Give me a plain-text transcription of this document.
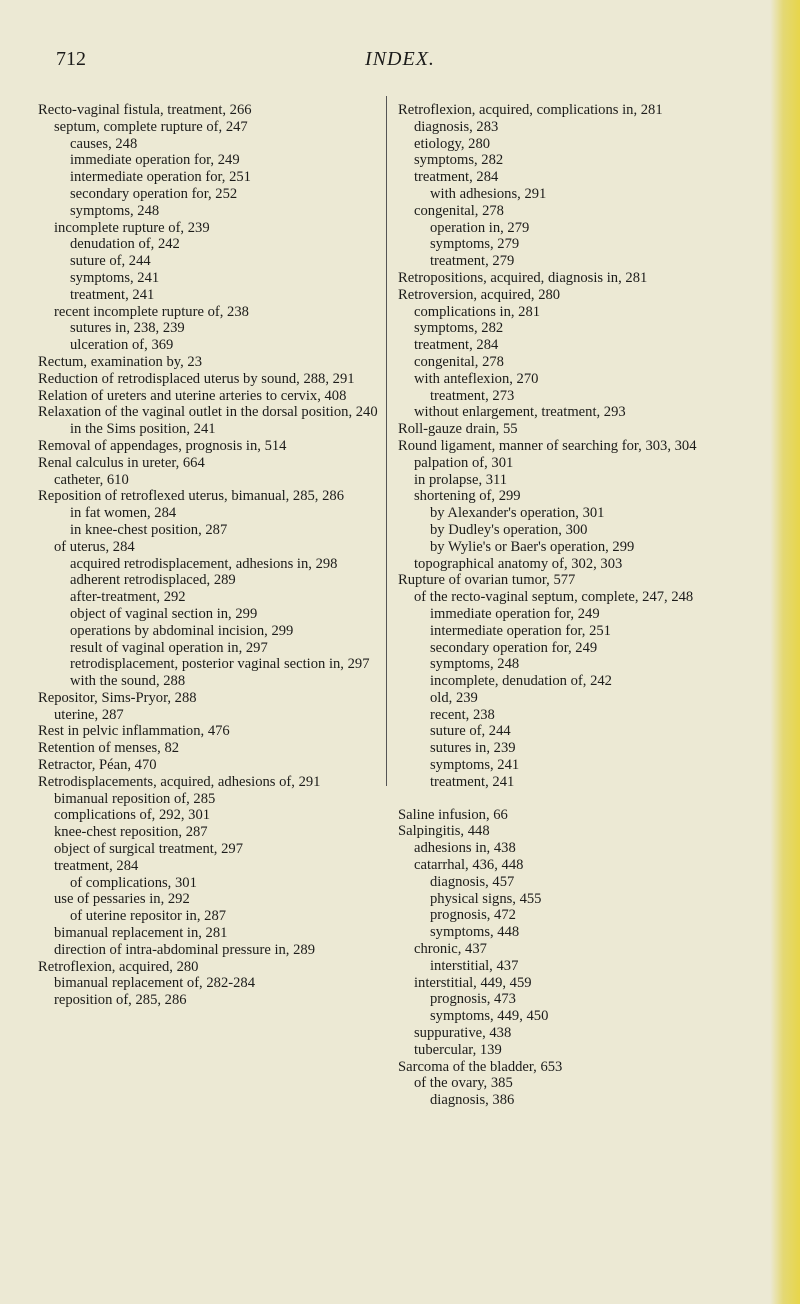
712	INDEX.

Recto-vaginal fistula, treatment, 266

septum, complete rupture of, 247

causes, 248

immediate operation for, 249

intermediate operation for, 251

secondary operation for, 252

symptoms, 248

incomplete rupture of, 239

denudation of, 242

suture of, 244

symptoms, 241

treatment, 241

recent incomplete rupture of, 238

sutures in, 238, 239

ulceration of, 369

Rectum, examination by, 23

Reduction of retrodisplaced uterus by sound, 288, 291

Relation of ureters and uterine arteries to cervix, 408

Relaxation of the vaginal outlet in the dorsal position, 240

in the Sims position, 241

Removal of appendages, prognosis in, 514

Renal calculus in ureter, 664

catheter, 610

Reposition of retroflexed uterus, bimanual, 285, 286

in fat women, 284

in knee-chest position, 287

of uterus, 284

acquired retrodisplacement, adhesions in, 298

adherent retrodisplaced, 289

after-treatment, 292

object of vaginal section in, 299

operations by abdominal incision, 299

result of vaginal operation in, 297

retrodisplacement, posterior vaginal section in, 297

with the sound, 288

Repositor, Sims-Pryor, 288

uterine, 287

Rest in pelvic inflammation, 476

Retention of menses, 82

Retractor, Péan, 470

Retrodisplacements, acquired, adhesions of, 291

bimanual reposition of, 285

complications of, 292, 301

knee-chest reposition, 287

object of surgical treatment, 297

treatment, 284

of complications, 301

use of pessaries in, 292

of uterine repositor in, 287

bimanual replacement in, 281

direction of intra-abdominal pressure in, 289

Retroflexion, acquired, 280

bimanual replacement of, 282-284

reposition of, 285, 286

Retroflexion, acquired, complications in, 281

diagnosis, 283

etiology, 280

symptoms, 282

treatment, 284

with adhesions, 291

congenital, 278

operation in, 279

symptoms, 279

treatment, 279

Retropositions, acquired, diagnosis in, 281

Retroversion, acquired, 280

complications in, 281

symptoms, 282

treatment, 284

congenital, 278

with anteflexion, 270

treatment, 273

without enlargement, treatment, 293

Roll-gauze drain, 55

Round ligament, manner of searching for, 303, 304

palpation of, 301

in prolapse, 311

shortening of, 299

by Alexander's operation, 301

by Dudley's operation, 300

by Wylie's or Baer's operation, 299

topographical anatomy of, 302, 303

Rupture of ovarian tumor, 577

of the recto-vaginal septum, complete, 247, 248

immediate operation for, 249

intermediate operation for, 251

secondary operation for, 249

symptoms, 248

incomplete, denudation of, 242

old, 239

recent, 238

suture of, 244

sutures in, 239

symptoms, 241

treatment, 241

Saline infusion, 66

Salpingitis, 448

adhesions in, 438

catarrhal, 436, 448

diagnosis, 457

physical signs, 455

prognosis, 472

symptoms, 448

chronic, 437

interstitial, 437

interstitial, 449, 459

prognosis, 473

symptoms, 449, 450

suppurative, 438

tubercular, 139

Sarcoma of the bladder, 653

of the ovary, 385

diagnosis, 386
